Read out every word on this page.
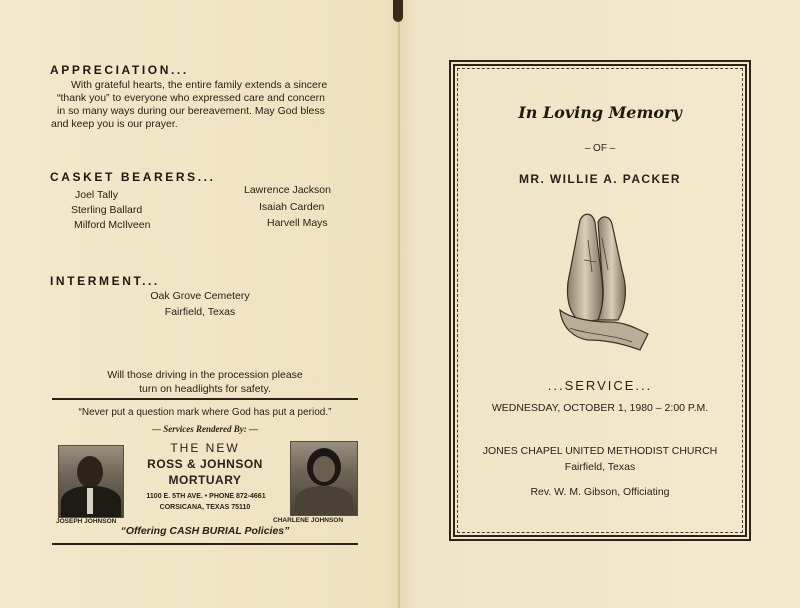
APPRECIATION...
With grateful hearts, the entire family extends a sincere
“thank you” to everyone who expressed care and concern
in so many ways during our bereavement. May God bless
and keep you is our prayer.
CASKET BEARERS...
Joel Tally
Sterling Ballard
Milford McIlveen
Lawrence Jackson
Isaiah Carden
Harvell Mays
INTERMENT...
Oak Grove Cemetery
Fairfield, Texas
Will those driving in the procession please
turn on headlights for safety.
“Never put a question mark where God has put a period.”
— Services Rendered By: —
JOSEPH JOHNSON	CHARLENE JOHNSON
THE NEW
ROSS & JOHNSON
MORTUARY
1100 E. 5TH AVE. • PHONE 872-4661
CORSICANA, TEXAS 75110
“Offering CASH BURIAL Policies”
In Loving Memory
– OF –
MR. WILLIE A. PACKER
...SERVICE...
WEDNESDAY, OCTOBER 1, 1980 – 2:00 P.M.
JONES CHAPEL UNITED METHODIST CHURCH
Fairfield, Texas
Rev. W. M. Gibson, Officiating
